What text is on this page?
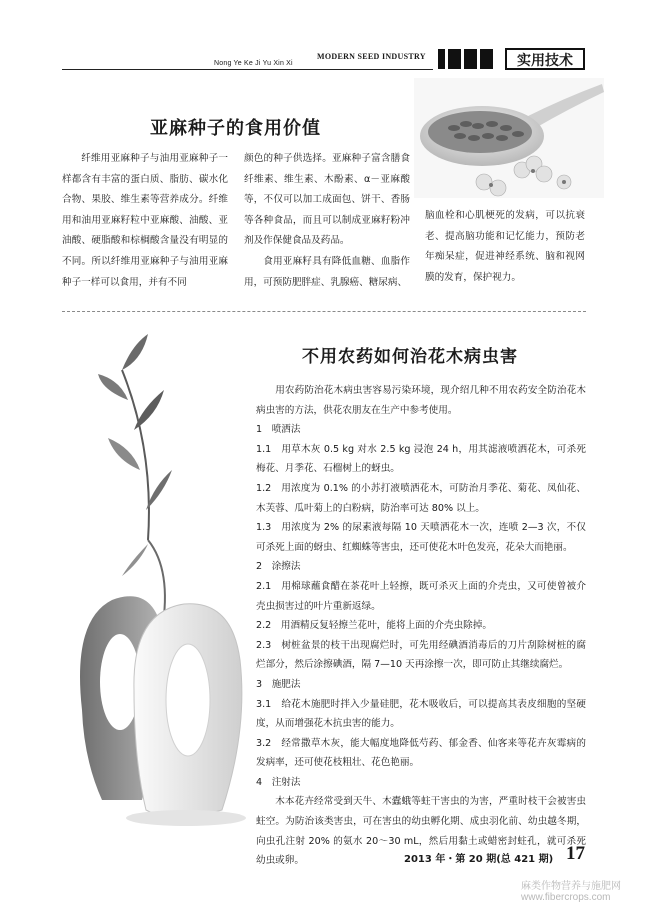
Nong Ye Ke Ji Yu Xin Xi
MODERN SEED INDUSTRY	实用技术
亚麻种子的食用价值

纤维用亚麻种子与油用亚麻种子一样都含有丰富的蛋白质、脂肪、碳水化合物、果胶、维生素等营养成分。纤维用和油用亚麻籽粒中亚麻酸、油酸、亚油酸、硬脂酸和棕榈酸含量没有明显的不同。所以纤维用亚麻种子与油用亚麻种子一样可以食用，并有不同

颜色的种子供选择。亚麻种子富含膳食纤维素、维生素、木酚素、α－亚麻酸等，不仅可以加工成面包、饼干、香肠等各种食品，而且可以制成亚麻籽粉冲剂及作保健食品及药品。

食用亚麻籽具有降低血糖、血脂作用，可预防肥胖症、乳腺癌、糖尿病、

脑血栓和心肌梗死的发病，可以抗衰老、提高脑功能和记忆能力，预防老年痴呆症，促进神经系统、脑和视网膜的发育，保护视力。

不用农药如何治花木病虫害

用农药防治花木病虫害容易污染环境，现介绍几种不用农药安全防治花木病虫害的方法，供花农朋友在生产中参考使用。

1　喷洒法

1.1　用草木灰 0.5 kg 对水 2.5 kg 浸泡 24 h，用其滤液喷洒花木，可杀死梅花、月季花、石榴树上的蚜虫。

1.2　用浓度为 0.1% 的小苏打液喷洒花木，可防治月季花、菊花、凤仙花、木芙蓉、瓜叶菊上的白粉病，防治率可达 80% 以上。

1.3　用浓度为 2% 的尿素液每隔 10 天喷洒花木一次，连喷 2—3 次，不仅可杀死上面的蚜虫、红蜘蛛等害虫，还可使花木叶色发亮，花朵大而艳丽。

2　涂擦法

2.1　用棉球蘸食醋在茶花叶上轻擦，既可杀灭上面的介壳虫，又可使曾被介壳虫损害过的叶片重新返绿。

2.2　用酒精反复轻擦兰花叶，能将上面的介壳虫除掉。

2.3　树桩盆景的枝干出现腐烂时，可先用经碘酒消毒后的刀片刮除树桩的腐烂部分，然后涂擦碘酒，隔 7—10 天再涂擦一次，即可防止其继续腐烂。

3　施肥法

3.1　给花木施肥时拌入少量硅肥，花木吸收后，可以提高其表皮细胞的坚硬度，从而增强花木抗虫害的能力。

3.2　经常撒草木灰，能大幅度地降低芍药、郁金香、仙客来等花卉灰霉病的发病率，还可使花枝粗壮、花色艳丽。

4　注射法

木本花卉经常受到天牛、木蠹蛾等蛀干害虫的为害，严重时枝干会被害虫蛀空。为防治该类害虫，可在害虫的幼虫孵化期、成虫羽化前、幼虫越冬期，向虫孔注射 20% 的氨水 20～30 mL，然后用黏土或蜡密封蛀孔，就可杀死幼虫或卵。	2013 年・第 20 期(总 421 期) 17
麻类作物营养与施肥网
www.fibercrops.com
